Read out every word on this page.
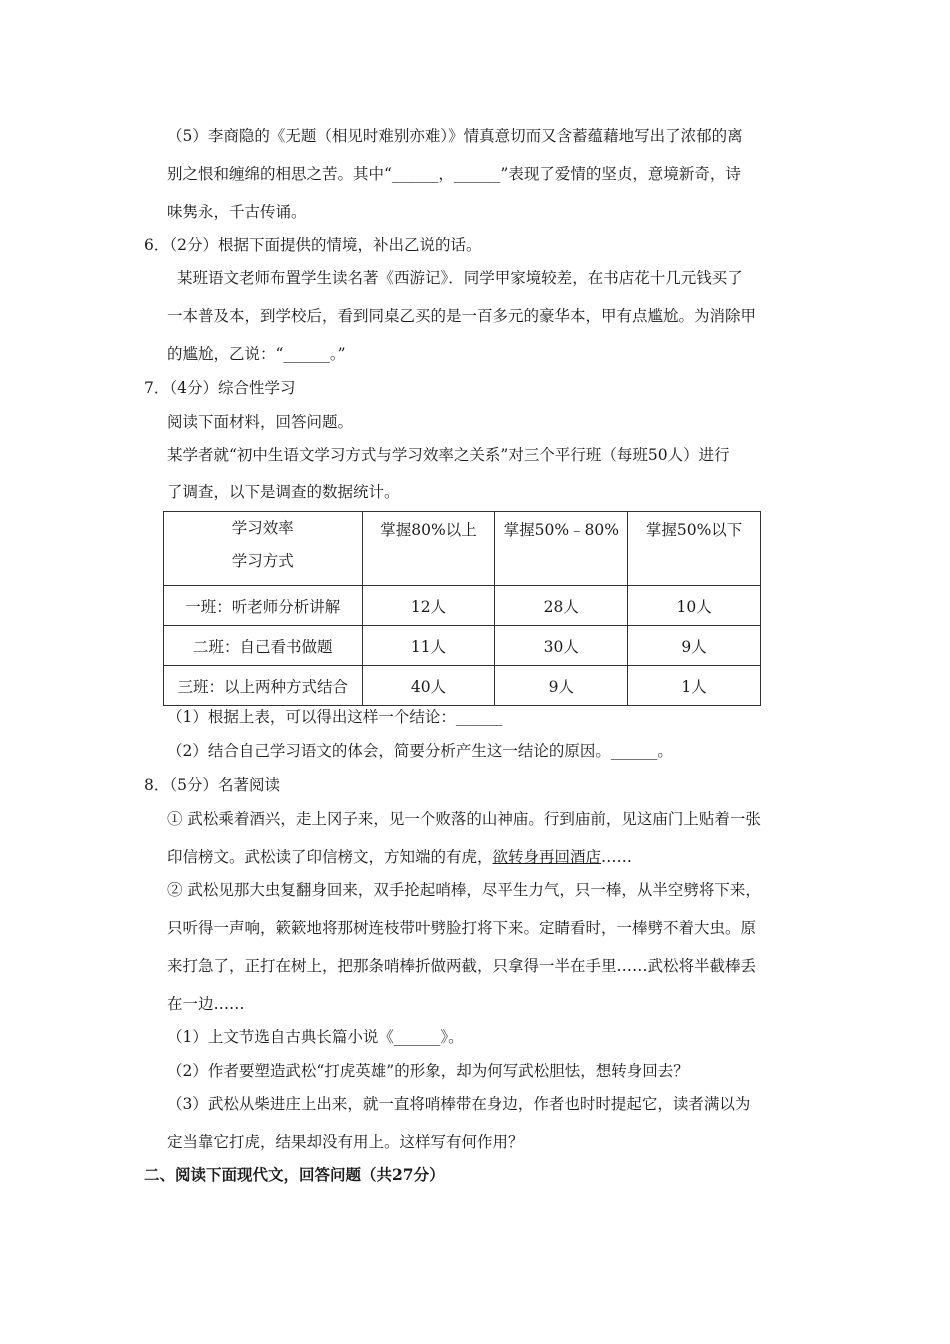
（5）李商隐的《无题（相见时难别亦难）》情真意切而又含蓄蕴藉地写出了浓郁的离
别之恨和缠绵的相思之苦。其中“______，______”表现了爱情的坚贞，意境新奇，诗
味隽永，千古传诵。
6．（2分）根据下面提供的情境，补出乙说的话。
某班语文老师布置学生读名著《西游记》．同学甲家境较差，在书店花十几元钱买了
一本普及本，到学校后，看到同桌乙买的是一百多元的豪华本，甲有点尴尬。为消除甲
的尴尬，乙说：“______。”
7．（4分）综合性学习
阅读下面材料，回答问题。
某学者就“初中生语文学习方式与学习效率之关系”对三个平行班（每班50人）进行
了调查，以下是调查的数据统计。
学习效率
学习方式	掌握80%以上	掌握50%﹣80%	掌握50%以下

一班：听老师分析讲解	12人	28人	10人
二班：自己看书做题	11人	30人	9人
三班：以上两种方式结合	40人	9人	1人
（1）根据上表，可以得出这样一个结论：______
（2）结合自己学习语文的体会，简要分析产生这一结论的原因。______。
8．（5分）名著阅读
① 武松乘着酒兴，走上冈子来，见一个败落的山神庙。行到庙前，见这庙门上贴着一张
印信榜文。武松读了印信榜文，方知端的有虎，欲转身再回酒店……
② 武松见那大虫复翻身回来，双手抡起哨棒，尽平生力气，只一棒，从半空劈将下来，
只听得一声响，簌簌地将那树连枝带叶劈脸打将下来。定睛看时，一棒劈不着大虫。原
来打急了，正打在树上，把那条哨棒折做两截，只拿得一半在手里……武松将半截棒丢
在一边……
（1）上文节选自古典长篇小说《______》。
（2）作者要塑造武松“打虎英雄”的形象，却为何写武松胆怯，想转身回去？
（3）武松从柴进庄上出来，就一直将哨棒带在身边，作者也时时提起它，读者满以为
定当靠它打虎，结果却没有用上。这样写有何作用？
二、阅读下面现代文，回答问题（共27分）
